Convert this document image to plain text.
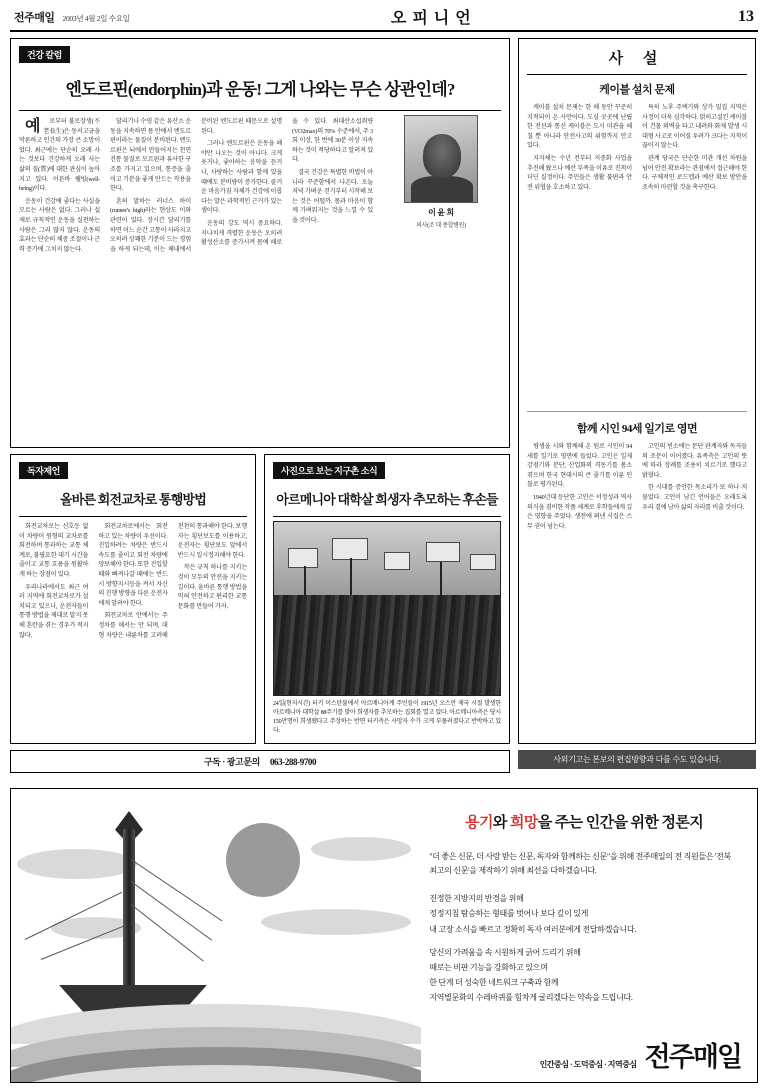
전주매일 2003년 4월 2일 수요일	오피니언	13
건강 칼럼
엔도르핀(endorphin)과 운동! 그게 나와는 무슨 상관인데?
이 윤 희
의사(조 대 종합병원)

예로부터 불로장생(不老長生)은 동서고금을 막론하고 인간의 가장 큰 소망이었다. 최근에는 단순히 오래 사는 것보다 건강하게 오래 사는 삶의 질(質)에 대한 관심이 높아지고 있다. 이른바 웰빙(well-being)이다.

운동이 건강에 좋다는 사실을 모르는 사람은 없다. 그러나 실제로 규칙적인 운동을 실천하는 사람은 그리 많지 않다. 운동의 효과는 단순히 체중 조절이나 근력 증가에 그치지 않는다.

달리기나 수영 같은 유산소 운동을 지속하면 몸 안에서 엔도르핀이라는 물질이 분비된다. 엔도르핀은 뇌에서 만들어지는 천연 진통 물질로 모르핀과 유사한 구조를 가지고 있으며, 통증을 줄이고 기분을 좋게 만드는 작용을 한다.

흔히 말하는 러너스 하이(runner's high)라는 현상도 이와 관련이 있다. 장시간 달리기를 하면 어느 순간 고통이 사라지고 오히려 상쾌한 기분이 드는 경험을 하게 되는데, 이는 체내에서 분비된 엔도르핀 때문으로 설명된다.

그러나 엔도르핀은 운동을 해야만 나오는 것이 아니다. 크게 웃거나, 좋아하는 음악을 듣거나, 사랑하는 사람과 함께 있을 때에도 분비량이 증가한다. 즐거운 마음가짐 자체가 건강에 이롭다는 말은 과학적인 근거가 있는 셈이다.

운동의 강도 역시 중요하다. 지나치게 격렬한 운동은 오히려 활성산소를 증가시켜 몸에 해로울 수 있다. 최대산소섭취량(VO2max)의 70% 수준에서, 주 3회 이상, 한 번에 30분 이상 지속하는 것이 적당하다고 알려져 있다.

결국 건강은 특별한 비법이 아니라 꾸준함에서 나온다. 오늘 저녁 가벼운 걷기부터 시작해 보는 것은 어떨까. 몸과 마음이 함께 가벼워지는 것을 느낄 수 있을 것이다.

독자제언
올바른 회전교차로 통행방법

회전교차로는 신호등 없이 차량이 원형의 교차로를 회전하며 통과하는 교통 체계로, 불필요한 대기 시간을 줄이고 교통 흐름을 원활하게 하는 장점이 있다.

우리나라에서도 최근 여러 지역에 회전교차로가 설치되고 있으나, 운전자들이 통행 방법을 제대로 알지 못해 혼란을 겪는 경우가 적지 않다.

회전교차로에서는 회전하고 있는 차량이 우선이다. 진입하려는 차량은 반드시 속도를 줄이고 회전 차량에 양보해야 한다. 또한 진입할 때와 빠져나갈 때에는 반드시 방향지시등을 켜서 자신의 진행 방향을 다른 운전자에게 알려야 한다.

회전교차로 안에서는 주정차를 해서는 안 되며, 대형 차량은 내륜차를 고려해 천천히 통과해야 한다. 보행자는 횡단보도를 이용하고, 운전자는 횡단보도 앞에서 반드시 일시정지해야 한다.

작은 규칙 하나를 지키는 것이 모두의 안전을 지키는 길이다. 올바른 통행 방법을 익혀 안전하고 편리한 교통문화를 만들어 가자.

사진으로 보는 지구촌 소식
아르메니아 대학살 희생자 추모하는 후손들
24일(현지시간) 터키 이스탄불에서 아르메니아계 주민들이 1915년 오스만 제국 시절 발생한 아르메니아 대학살 88주기를 맞아 희생자를 추모하는 집회를 열고 있다. 아르메니아측은 당시 150만명이 희생됐다고 주장하는 반면 터키측은 사망자 수가 크게 부풀려졌다고 반박하고 있다.
구독 · 광고문의 063-288-9700
사 설
케이블 설치 문제

케이블 설치 문제는 한 해 동안 꾸준히 지적되어 온 사안이다. 도심 곳곳에 난립한 전선과 통신 케이블은 도시 미관을 해칠 뿐 아니라 안전사고의 위험까지 안고 있다.

지자체는 수년 전부터 지중화 사업을 추진해 왔으나 예산 부족을 이유로 진척이 더딘 실정이다. 주민들은 생활 불편과 안전 위협을 호소하고 있다.

특히 노후 주택가와 상가 밀집 지역은 사정이 더욱 심각하다. 얽히고설킨 케이블이 건물 외벽을 타고 내려와 화재 발생 시 대형 사고로 이어질 우려가 크다는 지적이 끊이지 않는다.

관계 당국은 단순한 미관 개선 차원을 넘어 안전 확보라는 관점에서 접근해야 한다. 구체적인 로드맵과 예산 확보 방안을 조속히 마련할 것을 촉구한다.

함께 시인 94세 일기로 영면

평생을 시와 함께해 온 원로 시인이 94세를 일기로 영면에 들었다. 고인은 일제강점기와 분단, 산업화의 격동기를 몸소 겪으며 한국 현대시의 큰 줄기를 이룬 인물로 평가된다.

1940년대 등단한 고인은 서정성과 역사의식을 겸비한 작품 세계로 후학들에게 깊은 영향을 주었다. 생전에 펴낸 시집은 스무 권이 넘는다.

고인의 빈소에는 문단 관계자와 독자들의 조문이 이어졌다. 유족측은 고인의 뜻에 따라 장례를 조용히 치르기로 했다고 밝혔다.

한 시대를 증언한 목소리가 또 하나 저물었다. 고인이 남긴 언어들은 오래도록 우리 곁에 남아 삶의 자리를 비출 것이다.

사외기고는 본보의 편집방향과 다를 수도 있습니다.
용기와 희망을 주는 인간을 위한 정론지
"더 좋은 신문, 더 사랑 받는 신문, 독자와 함께하는 신문"을 위해 전주매일의 전 직원들은 '전북 최고의 신문'을 제작하기 위해 최선을 다하겠습니다.
진정한 지방지의 반경을 위해
정정지침 탐승하는 형태를 벗어나 보다 깊이 있게
내 고장 소식을 빠르고 정확히 독자 여러분에게 전달하겠습니다.
당신의 가려움을 속 시원하게 긁어 드리기 위해
때로는 비판 기능을 강화하고 있으며
한 단계 더 성숙한 네트워크 구축과 함께
지역별문화의 수레바퀴를 힘차게 굴리겠다는 약속을 드립니다.
인간중심 · 도덕중심 · 지역중심 전주매일
